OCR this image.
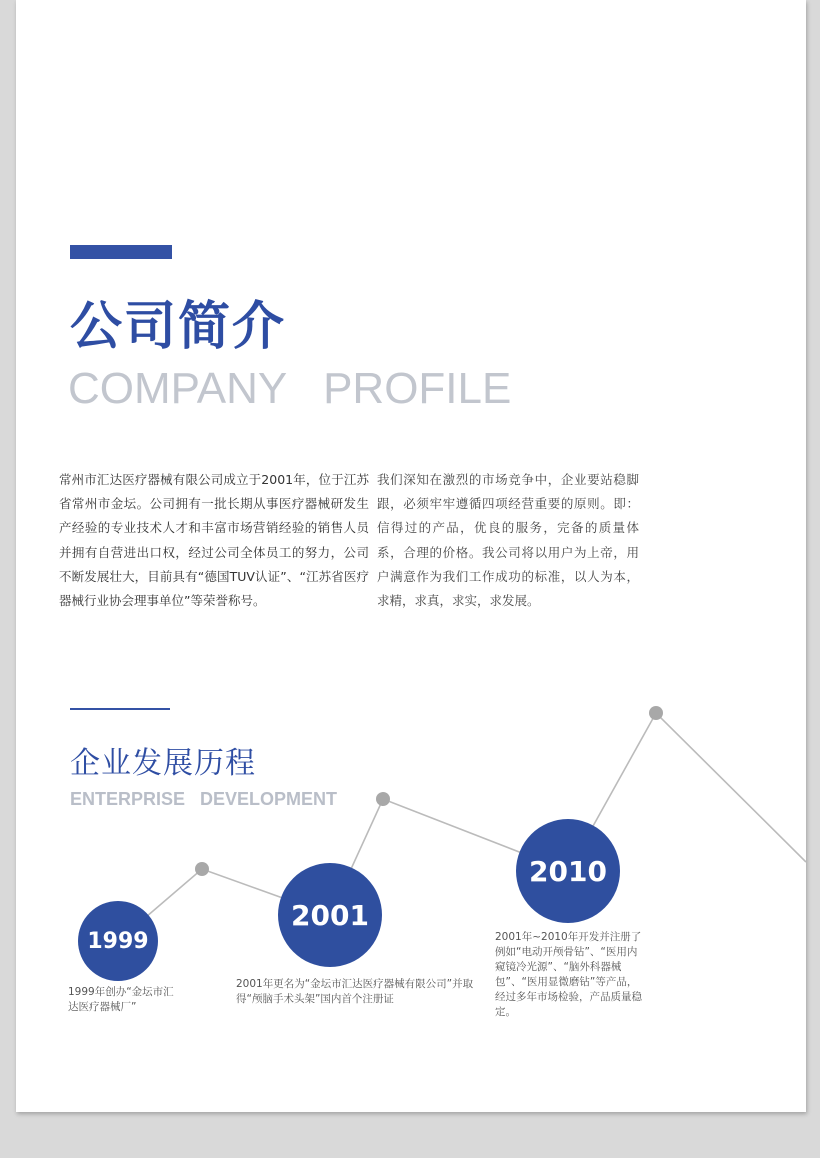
公司简介
COMPANY   PROFILE

常州市汇达医疗器械有限公司成立于2001年，位于江苏省常州市金坛。公司拥有一批长期从事医疗器械研发生产经验的专业技术人才和丰富市场营销经验的销售人员并拥有自营进出口权，经过公司全体员工的努力，公司不断发展壮大，目前具有“德国TUV认证”、“江苏省医疗器械行业协会理事单位”等荣誉称号。

我们深知在激烈的市场竞争中，企业要站稳脚跟，必须牢牢遵循四项经营重要的原则。即：信得过的产品，优良的服务，完备的质量体系，合理的价格。我公司将以用户为上帝，用户满意作为我们工作成功的标准，以人为本，求精，求真，求实，求发展。

企业发展历程
ENTERPRISE   DEVELOPMENT
1999
2001
2010

1999年创办“金坛市汇达医疗器械厂”

2001年更名为“金坛市汇达医疗器械有限公司”并取得“颅脑手术头架”国内首个注册证

2001年~2010年开发并注册了例如“电动开颅骨钻”、“医用内窥镜冷光源”、“脑外科器械包”、“医用显微磨钻”等产品，经过多年市场检验，产品质量稳定。
